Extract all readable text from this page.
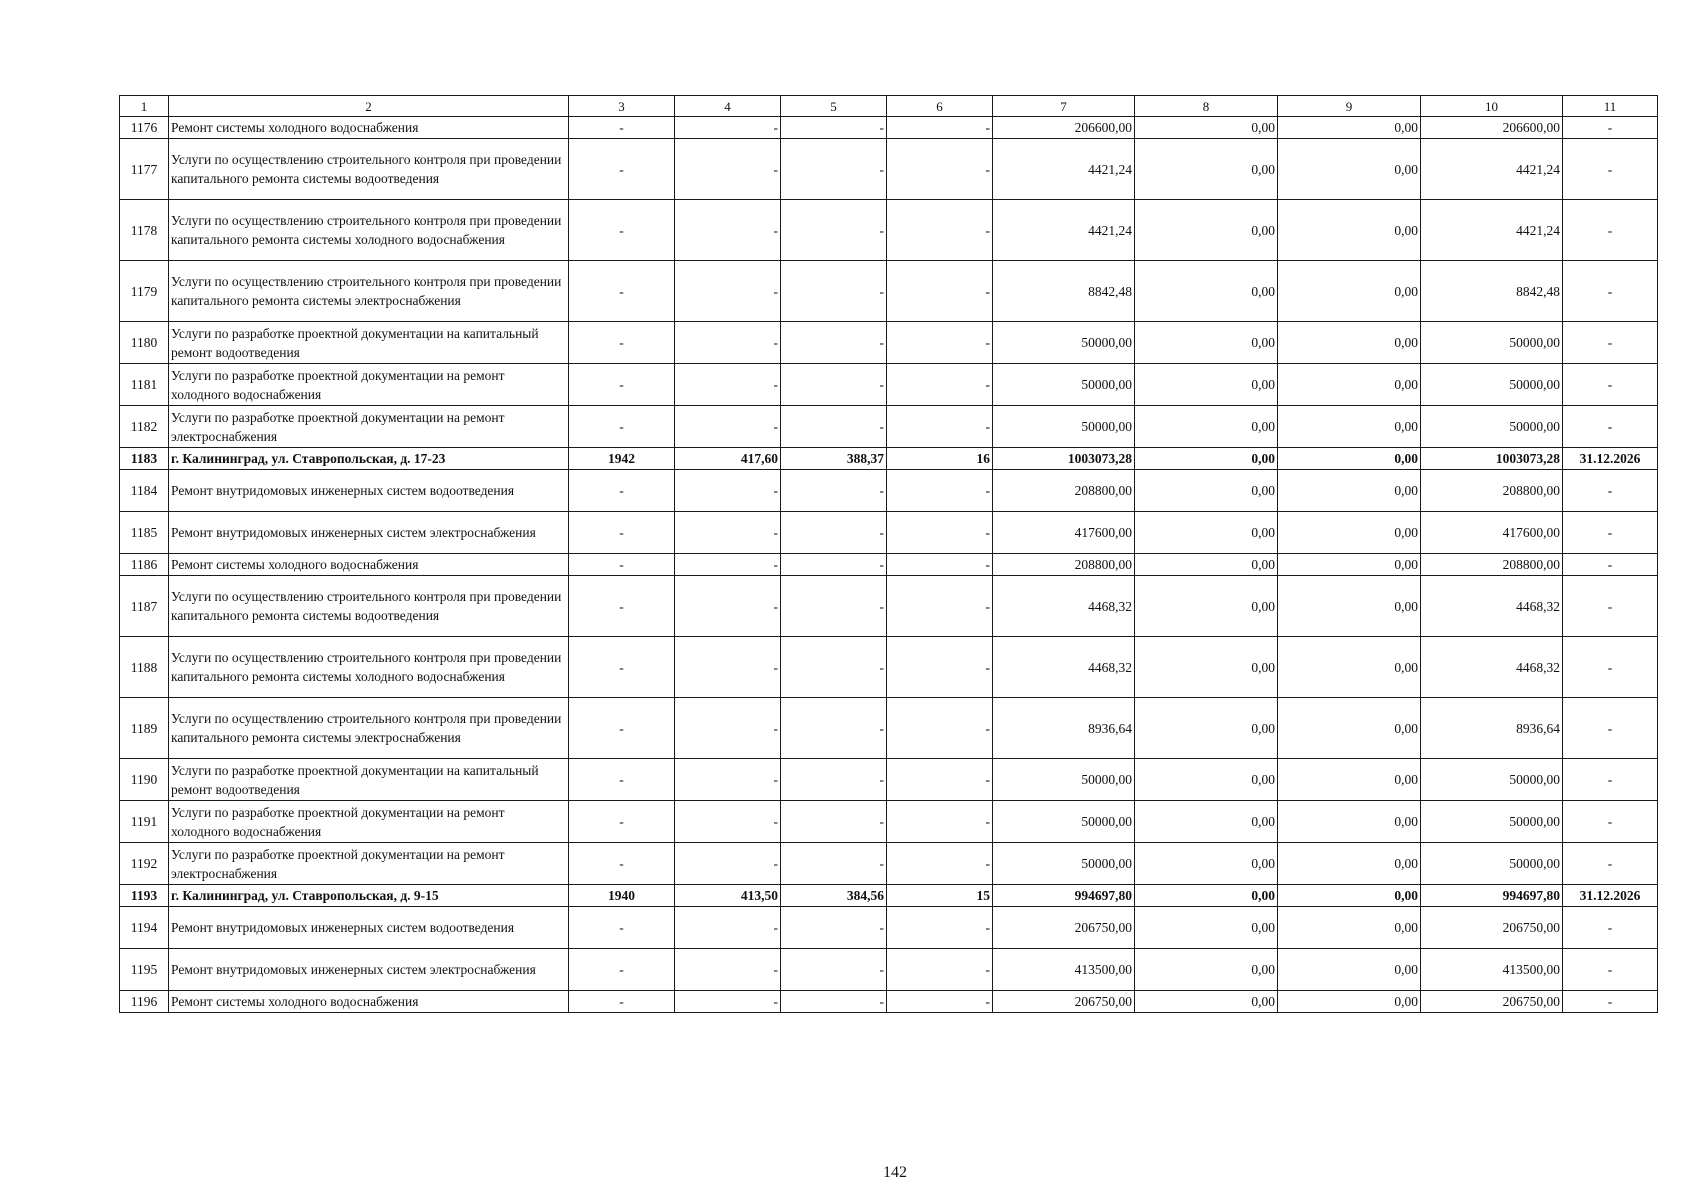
1	2	3	4	5	6	7	8	9	10	11
1176	Ремонт системы холодного водоснабжения	-	-	-	-	206600,00	0,00	0,00	206600,00	-
1177	Услуги по осуществлению строительного контроля при проведении капитального ремонта системы водоотведения	-	-	-	-	4421,24	0,00	0,00	4421,24	-
1178	Услуги по осуществлению строительного контроля при проведении капитального ремонта системы холодного водоснабжения	-	-	-	-	4421,24	0,00	0,00	4421,24	-
1179	Услуги по осуществлению строительного контроля при проведении капитального ремонта системы электроснабжения	-	-	-	-	8842,48	0,00	0,00	8842,48	-
1180	Услуги по разработке проектной документации на капитальный ремонт водоотведения	-	-	-	-	50000,00	0,00	0,00	50000,00	-
1181	Услуги по разработке проектной документации на ремонт холодного водоснабжения	-	-	-	-	50000,00	0,00	0,00	50000,00	-
1182	Услуги по разработке проектной документации на ремонт электроснабжения	-	-	-	-	50000,00	0,00	0,00	50000,00	-
1183	г. Калининград, ул. Ставропольская, д. 17-23	1942	417,60	388,37	16	1003073,28	0,00	0,00	1003073,28	31.12.2026
1184	Ремонт внутридомовых инженерных систем водоотведения	-	-	-	-	208800,00	0,00	0,00	208800,00	-
1185	Ремонт внутридомовых инженерных систем электроснабжения	-	-	-	-	417600,00	0,00	0,00	417600,00	-
1186	Ремонт системы холодного водоснабжения	-	-	-	-	208800,00	0,00	0,00	208800,00	-
1187	Услуги по осуществлению строительного контроля при проведении капитального ремонта системы водоотведения	-	-	-	-	4468,32	0,00	0,00	4468,32	-
1188	Услуги по осуществлению строительного контроля при проведении капитального ремонта системы холодного водоснабжения	-	-	-	-	4468,32	0,00	0,00	4468,32	-
1189	Услуги по осуществлению строительного контроля при проведении капитального ремонта системы электроснабжения	-	-	-	-	8936,64	0,00	0,00	8936,64	-
1190	Услуги по разработке проектной документации на капитальный ремонт водоотведения	-	-	-	-	50000,00	0,00	0,00	50000,00	-
1191	Услуги по разработке проектной документации на ремонт холодного водоснабжения	-	-	-	-	50000,00	0,00	0,00	50000,00	-
1192	Услуги по разработке проектной документации на ремонт электроснабжения	-	-	-	-	50000,00	0,00	0,00	50000,00	-
1193	г. Калининград, ул. Ставропольская, д. 9-15	1940	413,50	384,56	15	994697,80	0,00	0,00	994697,80	31.12.2026
1194	Ремонт внутридомовых инженерных систем водоотведения	-	-	-	-	206750,00	0,00	0,00	206750,00	-
1195	Ремонт внутридомовых инженерных систем электроснабжения	-	-	-	-	413500,00	0,00	0,00	413500,00	-
1196	Ремонт системы холодного водоснабжения	-	-	-	-	206750,00	0,00	0,00	206750,00	-
142
